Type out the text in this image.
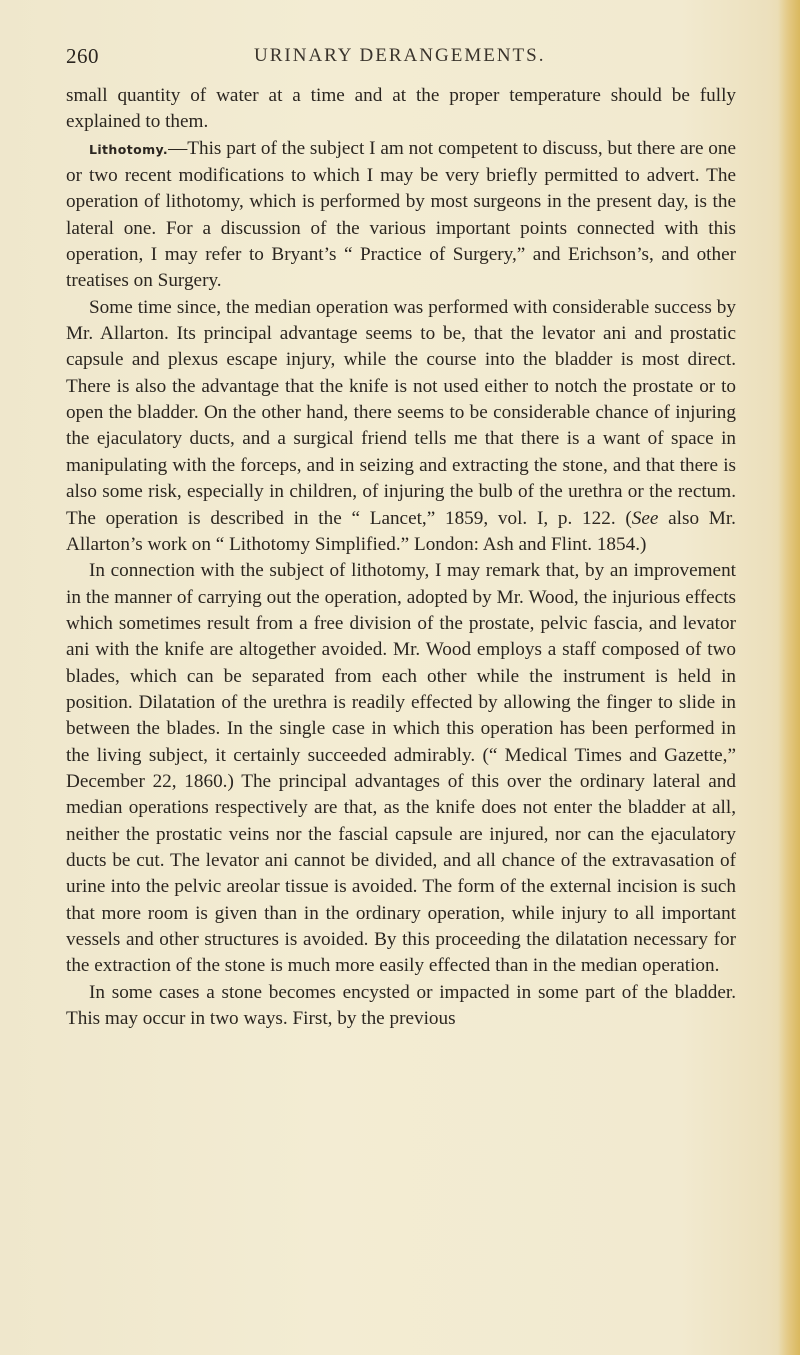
260	URINARY DERANGEMENTS.

small quantity of water at a time and at the proper temperature should be fully explained to them.

Lithotomy.—This part of the subject I am not competent to discuss, but there are one or two recent modifications to which I may be very briefly permitted to advert. The operation of lithotomy, which is performed by most surgeons in the present day, is the lateral one. For a discussion of the various important points connected with this operation, I may refer to Bryant’s “ Practice of Surgery,” and Erichson’s, and other treatises on Surgery.

Some time since, the median operation was performed with considerable success by Mr. Allarton. Its principal advantage seems to be, that the levator ani and prostatic capsule and plexus escape injury, while the course into the bladder is most direct. There is also the advantage that the knife is not used either to notch the prostate or to open the bladder. On the other hand, there seems to be considerable chance of injuring the ejaculatory ducts, and a surgical friend tells me that there is a want of space in manipulating with the forceps, and in seizing and extracting the stone, and that there is also some risk, especially in children, of injuring the bulb of the urethra or the rectum. The operation is described in the “ Lancet,” 1859, vol. I, p. 122. (See also Mr. Allarton’s work on “ Lithotomy Simplified.” London: Ash and Flint. 1854.)

In connection with the subject of lithotomy, I may remark that, by an improvement in the manner of carrying out the operation, adopted by Mr. Wood, the injurious effects which sometimes result from a free division of the prostate, pelvic fascia, and levator ani with the knife are altogether avoided. Mr. Wood employs a staff composed of two blades, which can be separated from each other while the instrument is held in position. Dilatation of the urethra is readily effected by allowing the finger to slide in between the blades. In the single case in which this operation has been performed in the living subject, it certainly succeeded admirably. (“ Medical Times and Gazette,” December 22, 1860.) The principal advantages of this over the ordinary lateral and median operations respectively are that, as the knife does not enter the bladder at all, neither the prostatic veins nor the fascial capsule are injured, nor can the ejaculatory ducts be cut. The levator ani cannot be divided, and all chance of the extravasation of urine into the pelvic areolar tissue is avoided. The form of the external incision is such that more room is given than in the ordinary operation, while injury to all important vessels and other structures is avoided. By this proceeding the dilatation necessary for the extraction of the stone is much more easily effected than in the median operation.

In some cases a stone becomes encysted or impacted in some part of the bladder. This may occur in two ways. First, by the previous
